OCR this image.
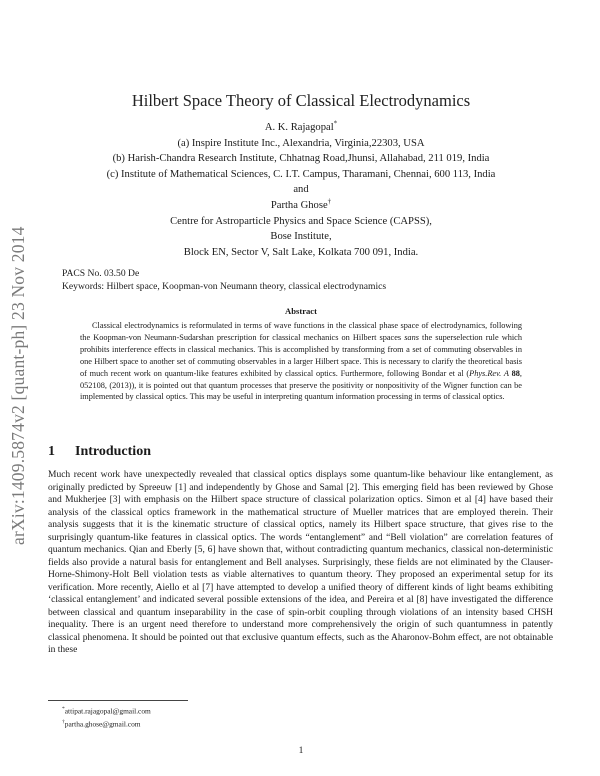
arXiv:1409.5874v2 [quant-ph] 23 Nov 2014
Hilbert Space Theory of Classical Electrodynamics
A. K. Rajagopal*
(a) Inspire Institute Inc., Alexandria, Virginia,22303, USA
(b) Harish-Chandra Research Institute, Chhatnag Road,Jhunsi, Allahabad, 211 019, India
(c) Institute of Mathematical Sciences, C. I.T. Campus, Tharamani, Chennai, 600 113, India
and
Partha Ghose†
Centre for Astroparticle Physics and Space Science (CAPSS),
Bose Institute,
Block EN, Sector V, Salt Lake, Kolkata 700 091, India.
PACS No. 03.50 De
Keywords: Hilbert space, Koopman-von Neumann theory, classical electrodynamics
Abstract
Classical electrodynamics is reformulated in terms of wave functions in the classical phase space of electrodynamics, following the Koopman-von Neumann-Sudarshan prescription for classical mechanics on Hilbert spaces sans the superselection rule which prohibits interference effects in classical mechanics. This is accomplished by transforming from a set of commuting observables in one Hilbert space to another set of commuting observables in a larger Hilbert space. This is necessary to clarify the theoretical basis of much recent work on quantum-like features exhibited by classical optics. Furthermore, following Bondar et al (Phys.Rev. A 88, 052108, (2013)), it is pointed out that quantum processes that preserve the positivity or nonpositivity of the Wigner function can be implemented by classical optics. This may be useful in interpreting quantum information processing in terms of classical optics.
1 Introduction
Much recent work have unexpectedly revealed that classical optics displays some quantum-like behaviour like entanglement, as originally predicted by Spreeuw [1] and independently by Ghose and Samal [2]. This emerging field has been reviewed by Ghose and Mukherjee [3] with emphasis on the Hilbert space structure of classical polarization optics. Simon et al [4] have based their analysis of the classical optics framework in the mathematical structure of Mueller matrices that are employed therein. Their analysis suggests that it is the kinematic structure of classical optics, namely its Hilbert space structure, that gives rise to the surprisingly quantum-like features in classical optics. The words “entanglement” and “Bell violation” are correlation features of quantum mechanics. Qian and Eberly [5, 6] have shown that, without contradicting quantum mechanics, classical non-deterministic fields also provide a natural basis for entanglement and Bell analyses. Surprisingly, these fields are not eliminated by the Clauser-Horne-Shimony-Holt Bell violation tests as viable alternatives to quantum theory. They proposed an experimental setup for its verification. More recently, Aiello et al [7] have attempted to develop a unified theory of different kinds of light beams exhibiting ‘classical entanglement’ and indicated several possible extensions of the idea, and Pereira et al [8] have investigated the difference between classical and quantum inseparability in the case of spin-orbit coupling through violations of an intensity based CHSH inequality. There is an urgent need therefore to understand more comprehensively the origin of such quantumness in patently classical phenomena. It should be pointed out that exclusive quantum effects, such as the Aharonov-Bohm effect, are not obtainable in these
*attipat.rajagopal@gmail.com
†partha.ghose@gmail.com
1
